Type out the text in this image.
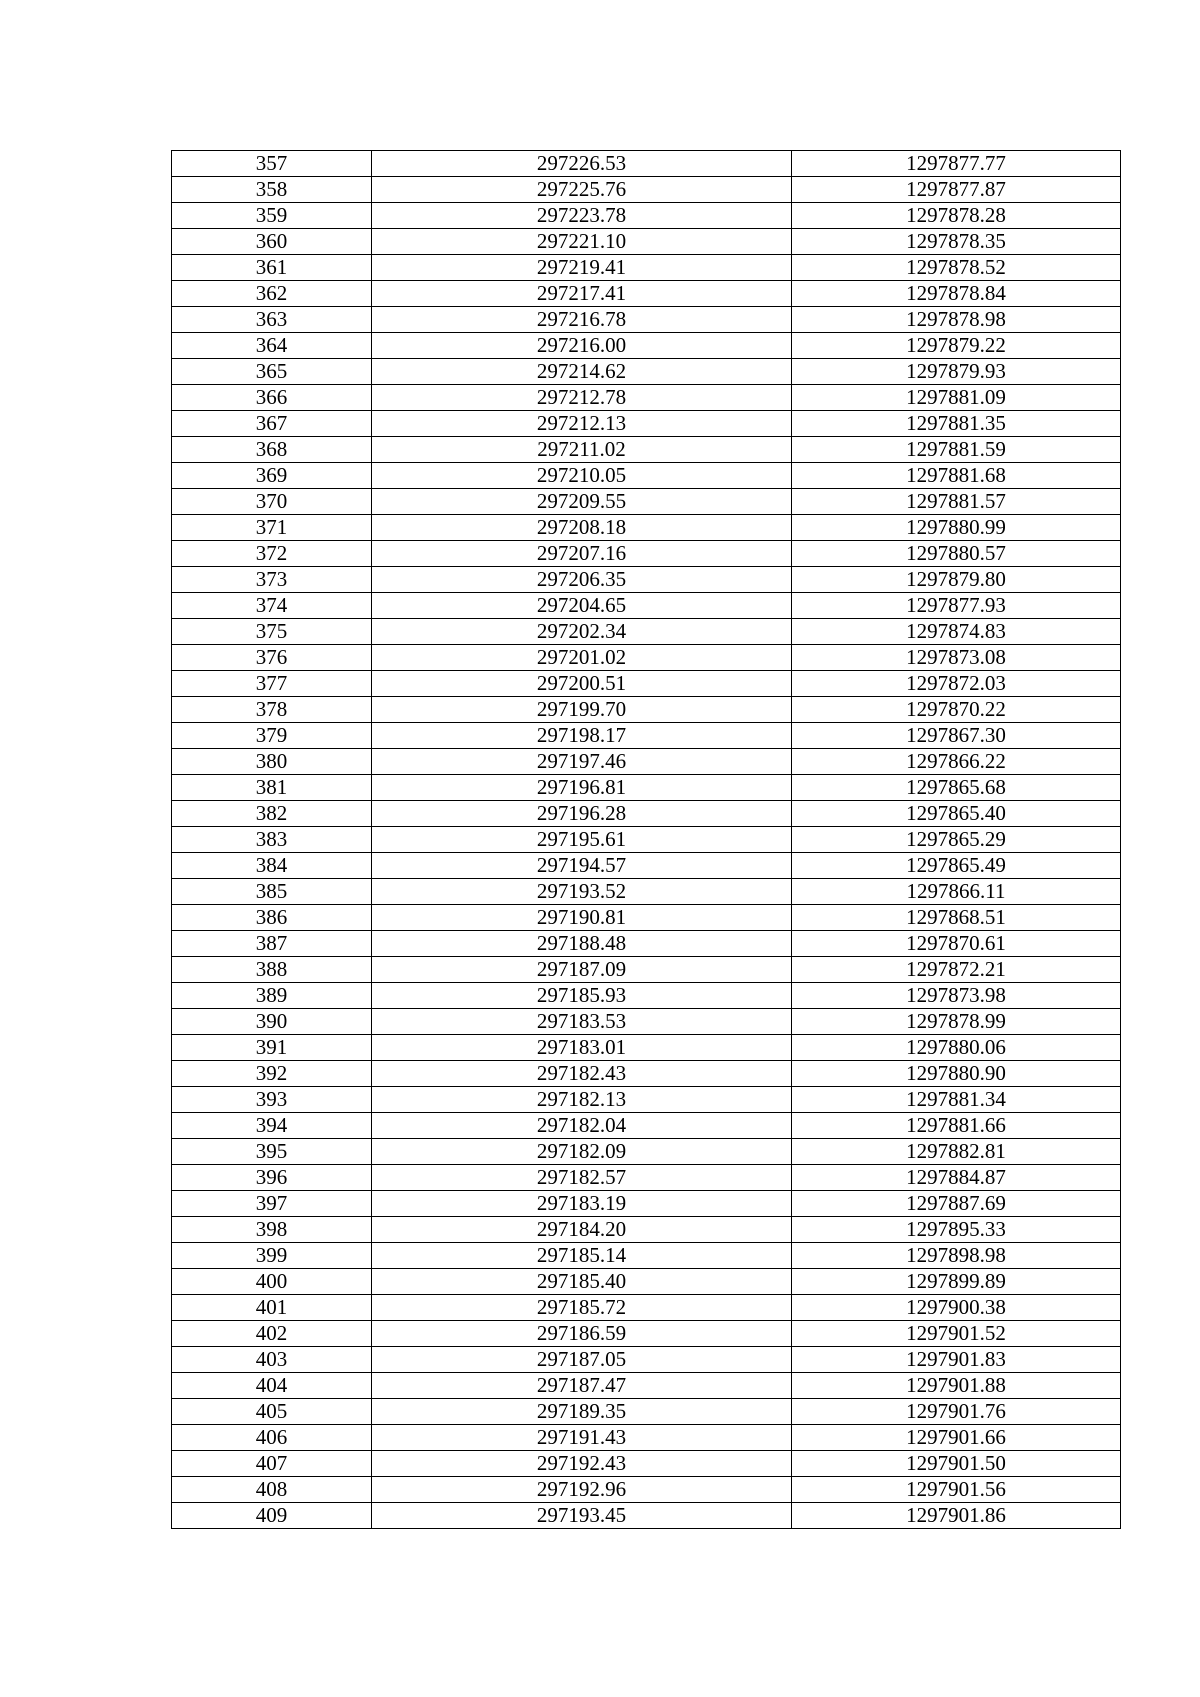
357	297226.53	1297877.77
358	297225.76	1297877.87
359	297223.78	1297878.28
360	297221.10	1297878.35
361	297219.41	1297878.52
362	297217.41	1297878.84
363	297216.78	1297878.98
364	297216.00	1297879.22
365	297214.62	1297879.93
366	297212.78	1297881.09
367	297212.13	1297881.35
368	297211.02	1297881.59
369	297210.05	1297881.68
370	297209.55	1297881.57
371	297208.18	1297880.99
372	297207.16	1297880.57
373	297206.35	1297879.80
374	297204.65	1297877.93
375	297202.34	1297874.83
376	297201.02	1297873.08
377	297200.51	1297872.03
378	297199.70	1297870.22
379	297198.17	1297867.30
380	297197.46	1297866.22
381	297196.81	1297865.68
382	297196.28	1297865.40
383	297195.61	1297865.29
384	297194.57	1297865.49
385	297193.52	1297866.11
386	297190.81	1297868.51
387	297188.48	1297870.61
388	297187.09	1297872.21
389	297185.93	1297873.98
390	297183.53	1297878.99
391	297183.01	1297880.06
392	297182.43	1297880.90
393	297182.13	1297881.34
394	297182.04	1297881.66
395	297182.09	1297882.81
396	297182.57	1297884.87
397	297183.19	1297887.69
398	297184.20	1297895.33
399	297185.14	1297898.98
400	297185.40	1297899.89
401	297185.72	1297900.38
402	297186.59	1297901.52
403	297187.05	1297901.83
404	297187.47	1297901.88
405	297189.35	1297901.76
406	297191.43	1297901.66
407	297192.43	1297901.50
408	297192.96	1297901.56
409	297193.45	1297901.86
